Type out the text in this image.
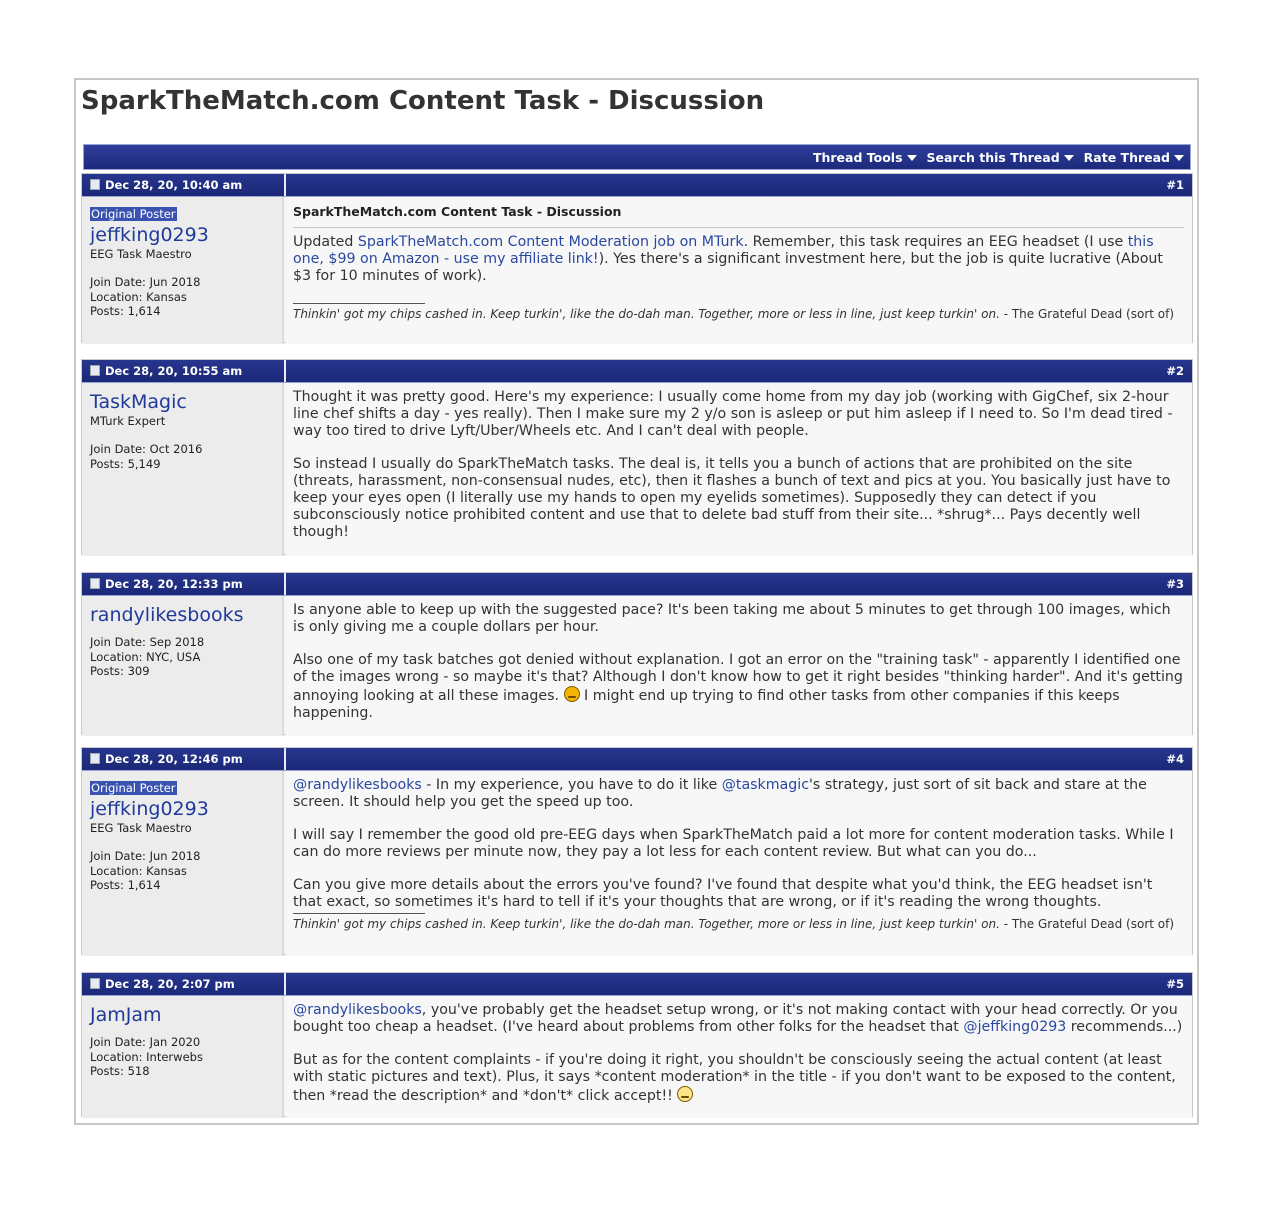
SparkTheMatch.com Content Task - Discussion
Thread Tools	Search this Thread	Rate Thread
Dec 28, 20, 10:40 am	#1
Original Poster
jeffking0293
EEG Task Maestro
Join Date: Jun 2018
Location: Kansas
Posts: 1,614
SparkTheMatch.com Content Task - Discussion

Updated SparkTheMatch.com Content Moderation job on MTurk. Remember, this task requires an EEG headset (I use this one, $99 on Amazon - use my affiliate link!). Yes there's a significant investment here, but the job is quite lucrative (About $3 for 10 minutes of work).

Thinkin' got my chips cashed in. Keep turkin', like the do-dah man. Together, more or less in line, just keep turkin' on. - The Grateful Dead (sort of)
Dec 28, 20, 10:55 am	#2
TaskMagic
MTurk Expert
Join Date: Oct 2016
Posts: 5,149

Thought it was pretty good. Here's my experience: I usually come home from my day job (working with GigChef, six 2-hour line chef shifts a day - yes really). Then I make sure my 2 y/o son is asleep or put him asleep if I need to. So I'm dead tired - way too tired to drive Lyft/Uber/Wheels etc. And I can't deal with people.

So instead I usually do SparkTheMatch tasks. The deal is, it tells you a bunch of actions that are prohibited on the site (threats, harassment, non-consensual nudes, etc), then it flashes a bunch of text and pics at you. You basically just have to keep your eyes open (I literally use my hands to open my eyelids sometimes). Supposedly they can detect if you subconsciously notice prohibited content and use that to delete bad stuff from their site... *shrug*... Pays decently well though!

Dec 28, 20, 12:33 pm	#3
randylikesbooks
Join Date: Sep 2018
Location: NYC, USA
Posts: 309

Is anyone able to keep up with the suggested pace? It's been taking me about 5 minutes to get through 100 images, which is only giving me a couple dollars per hour.

Also one of my task batches got denied without explanation. I got an error on the "training task" - apparently I identified one of the images wrong - so maybe it's that? Although I don't know how to get it right besides "thinking harder". And it's getting annoying looking at all these images.  I might end up trying to find other tasks from other companies if this keeps happening.

Dec 28, 20, 12:46 pm	#4
Original Poster
jeffking0293
EEG Task Maestro
Join Date: Jun 2018
Location: Kansas
Posts: 1,614

@randylikesbooks - In my experience, you have to do it like @taskmagic's strategy, just sort of sit back and stare at the screen. It should help you get the speed up too.

I will say I remember the good old pre-EEG days when SparkTheMatch paid a lot more for content moderation tasks. While I can do more reviews per minute now, they pay a lot less for each content review. But what can you do...

Can you give more details about the errors you've found? I've found that despite what you'd think, the EEG headset isn't that exact, so sometimes it's hard to tell if it's your thoughts that are wrong, or if it's reading the wrong thoughts.

Thinkin' got my chips cashed in. Keep turkin', like the do-dah man. Together, more or less in line, just keep turkin' on. - The Grateful Dead (sort of)
Dec 28, 20, 2:07 pm	#5
JamJam
Join Date: Jan 2020
Location: Interwebs
Posts: 518

@randylikesbooks, you've probably get the headset setup wrong, or it's not making contact with your head correctly. Or you bought too cheap a headset. (I've heard about problems from other folks for the headset that @jeffking0293 recommends...)

But as for the content complaints - if you're doing it right, you shouldn't be consciously seeing the actual content (at least with static pictures and text). Plus, it says *content moderation* in the title - if you don't want to be exposed to the content, then *read the description* and *don't* click accept!!
